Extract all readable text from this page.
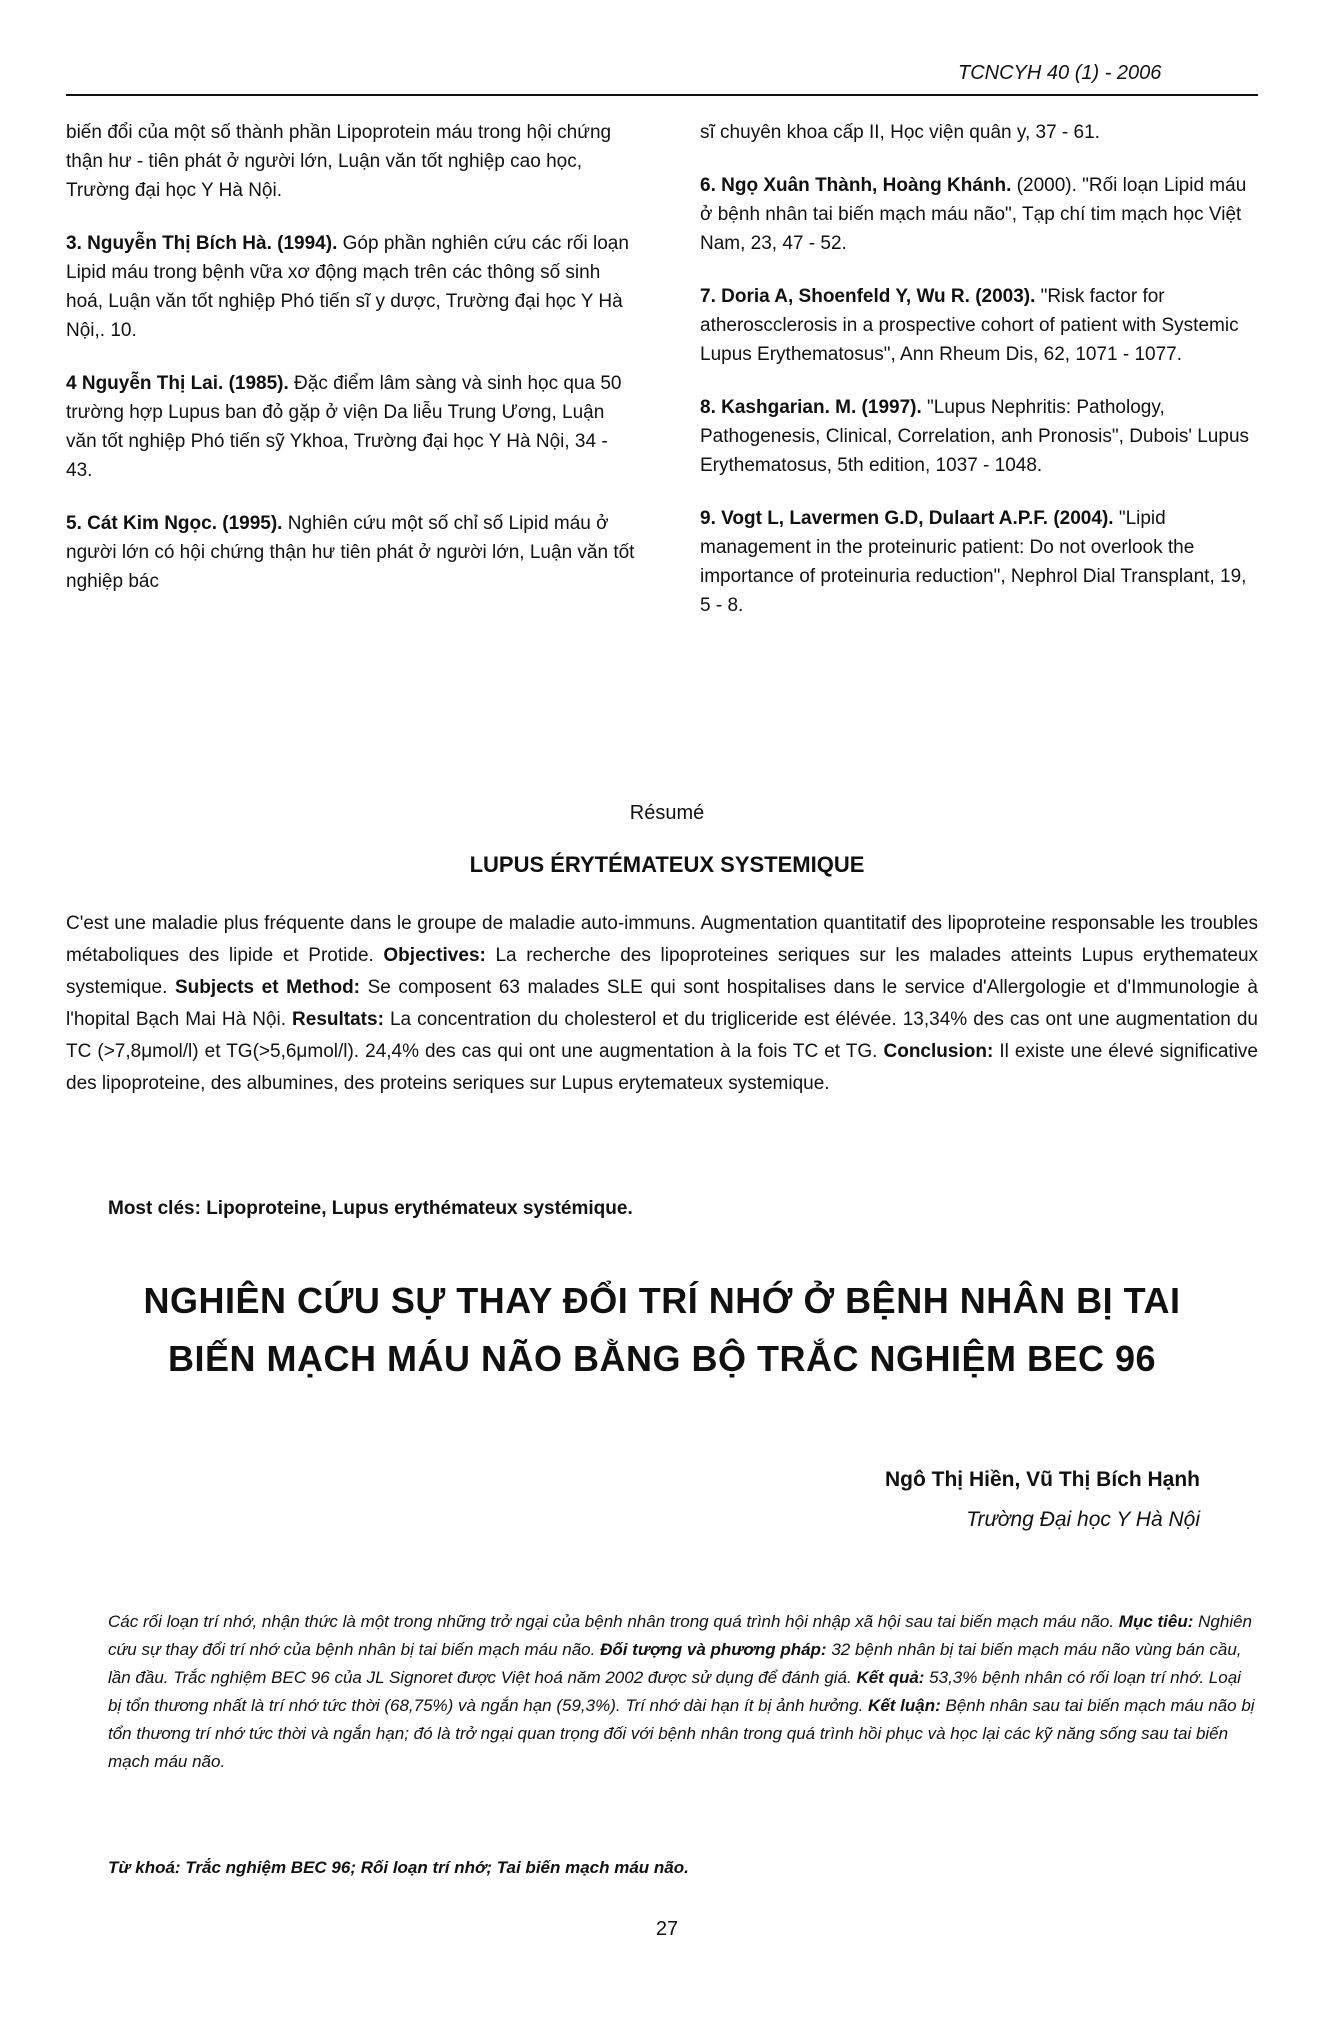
TCNCYH 40 (1) - 2006

biến đổi của một số thành phần Lipoprotein máu trong hội chứng thận hư - tiên phát ở người lớn, Luận văn tốt nghiệp cao học, Trường đại học Y Hà Nội.

3. Nguyễn Thị Bích Hà. (1994). Góp phần nghiên cứu các rối loạn Lipid máu trong bệnh vữa xơ động mạch trên các thông số sinh hoá, Luận văn tốt nghiệp Phó tiến sĩ y dược, Trường đại học Y Hà Nội,. 10.

4 Nguyễn Thị Lai. (1985). Đặc điểm lâm sàng và sinh học qua 50 trường hợp Lupus ban đỏ gặp ở viện Da liễu Trung Ương, Luận văn tốt nghiệp Phó tiến sỹ Ykhoa, Trường đại học Y Hà Nội, 34 - 43.

5. Cát Kim Ngọc. (1995). Nghiên cứu một số chỉ số Lipid máu ở người lớn có hội chứng thận hư tiên phát ở người lớn, Luận văn tốt nghiệp bác

sĩ chuyên khoa cấp II, Học viện quân y, 37 - 61.

6. Ngọ Xuân Thành, Hoàng Khánh. (2000). "Rối loạn Lipid máu ở bệnh nhân tai biến mạch máu não", Tạp chí tim mạch học Việt Nam, 23, 47 - 52.

7. Doria A, Shoenfeld Y, Wu R. (2003). "Risk factor for atheroscclerosis in a prospective cohort of patient with Systemic Lupus Erythematosus", Ann Rheum Dis, 62, 1071 - 1077.

8. Kashgarian. M. (1997). "Lupus Nephritis: Pathology, Pathogenesis, Clinical, Correlation, anh Pronosis", Dubois' Lupus Erythematosus, 5th edition, 1037 - 1048.

9. Vogt L, Lavermen G.D, Dulaart A.P.F. (2004). "Lipid management in the proteinuric patient: Do not overlook the importance of proteinuria reduction", Nephrol Dial Transplant, 19, 5 - 8.

Résumé
LUPUS ÉRYTÉMATEUX SYSTEMIQUE
C'est une maladie plus fréquente dans le groupe de maladie auto-immuns. Augmentation quantitatif des lipoproteine responsable les troubles métaboliques des lipide et Protide. Objectives: La recherche des lipoproteines seriques sur les malades atteints Lupus erythemateux systemique. Subjects et Method: Se composent 63 malades SLE qui sont hospitalises dans le service d'Allergologie et d'Immunologie à l'hopital Bạch Mai Hà Nội. Resultats: La concentration du cholesterol et du trigliceride est élévée. 13,34% des cas ont une augmentation du TC (>7,8μmol/l) et TG(>5,6μmol/l). 24,4% des cas qui ont une augmentation à la fois TC et TG. Conclusion: Il existe une élevé significative des lipoproteine, des albumines, des proteins seriques sur Lupus erytemateux systemique.
Most clés: Lipoproteine, Lupus erythémateux systémique.
NGHIÊN CỨU SỰ THAY ĐỔI TRÍ NHỚ Ở BỆNH NHÂN BỊ TAI
BIẾN MẠCH MÁU NÃO BẰNG BỘ TRẮC NGHIỆM BEC 96
Ngô Thị Hiền, Vũ Thị Bích Hạnh
Trường Đại học Y Hà Nội
Các rối loạn trí nhớ, nhận thức là một trong những trở ngại của bệnh nhân trong quá trình hội nhập xã hội sau tai biến mạch máu não. Mục tiêu: Nghiên cứu sự thay đổi trí nhớ của bệnh nhân bị tai biến mạch máu não. Đối tượng và phương pháp: 32 bệnh nhân bị tai biến mạch máu não vùng bán cầu, lần đầu. Trắc nghiệm BEC 96 của JL Signoret được Việt hoá năm 2002 được sử dụng để đánh giá. Kết quả: 53,3% bệnh nhân có rối loạn trí nhớ. Loại bị tổn thương nhất là trí nhớ tức thời (68,75%) và ngắn hạn (59,3%). Trí nhớ dài hạn ít bị ảnh hưởng. Kết luận: Bệnh nhân sau tai biến mạch máu não bị tổn thương trí nhớ tức thời và ngắn hạn; đó là trở ngại quan trọng đối với bệnh nhân trong quá trình hồi phục và học lại các kỹ năng sống sau tai biến mạch máu não.
Từ khoá: Trắc nghiệm BEC 96; Rối loạn trí nhớ; Tai biến mạch máu não.
27
